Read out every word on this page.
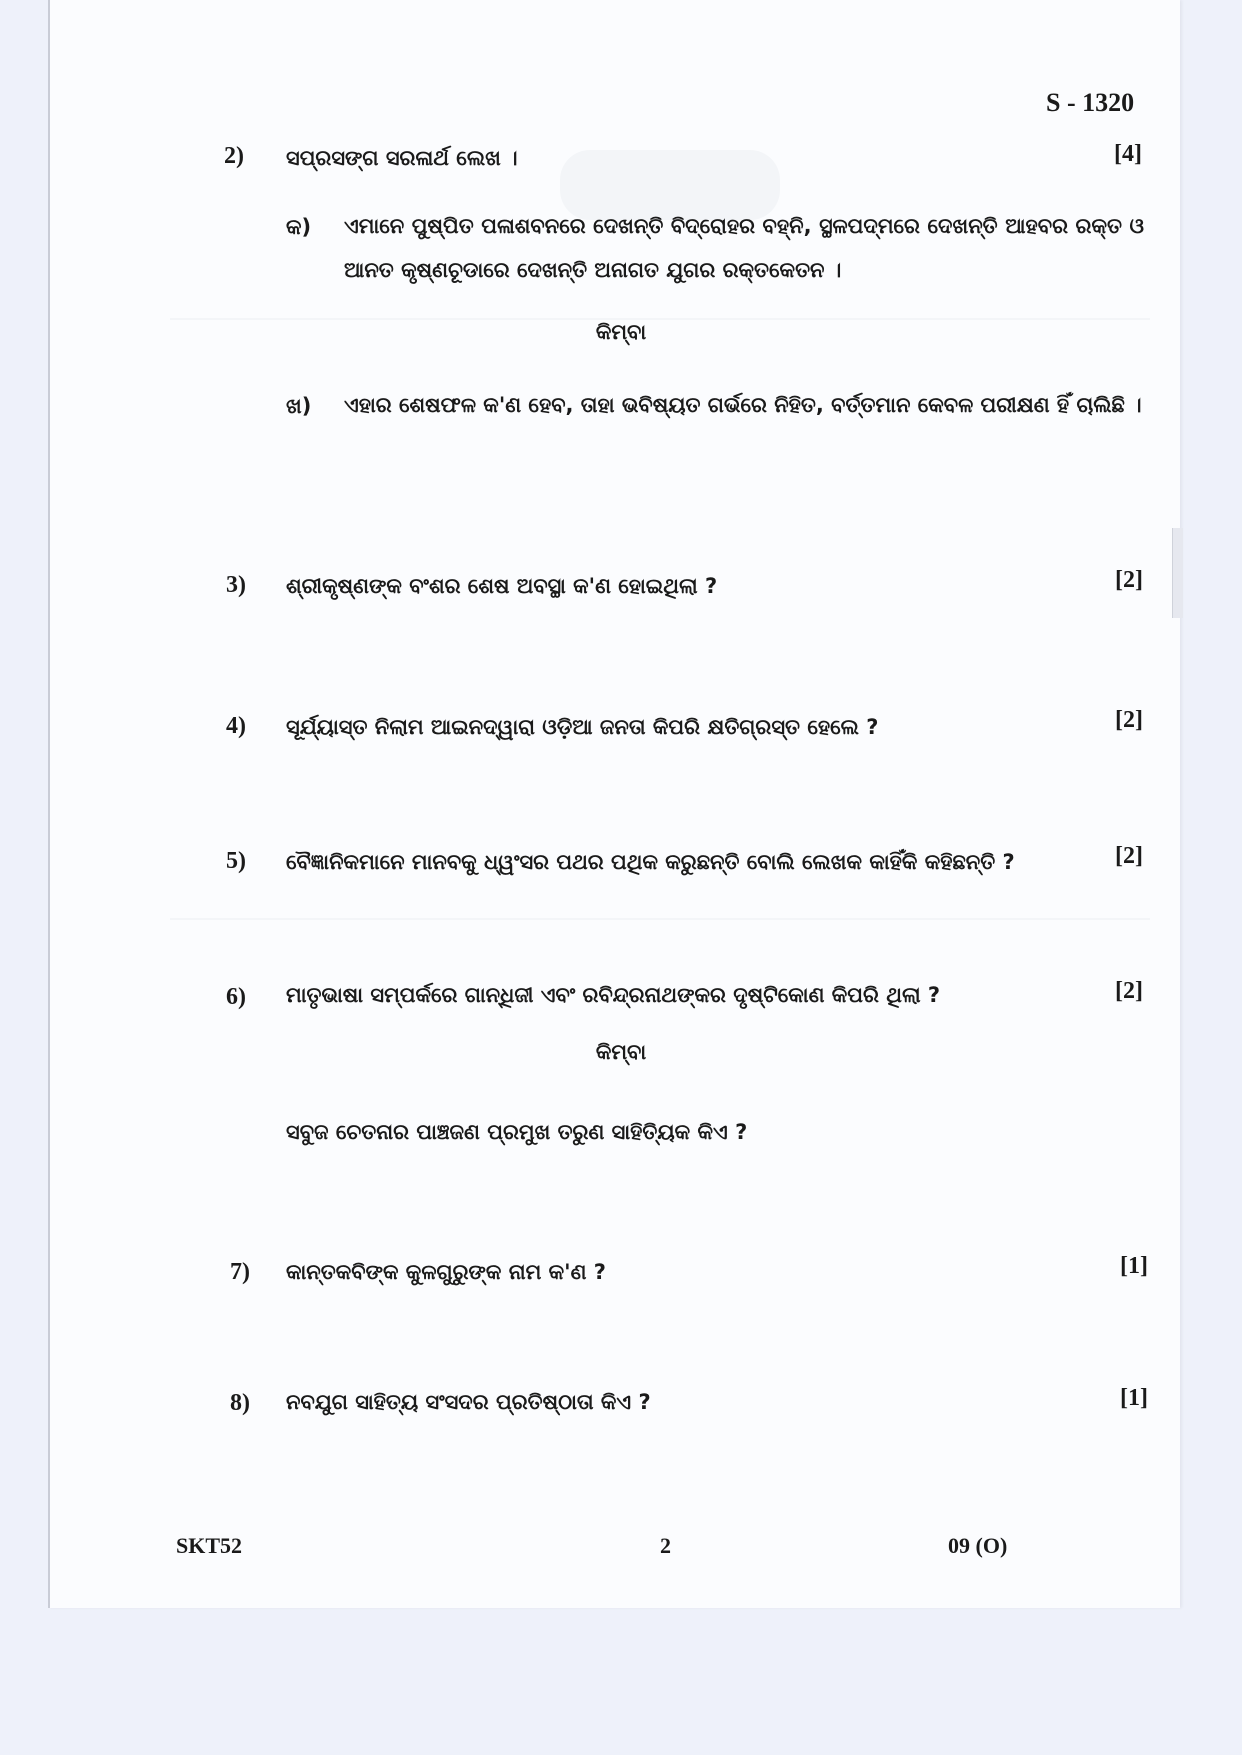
S - 1320
2)	ସପ୍ରସଙ୍ଗ ସରଳାର୍ଥ ଲେଖ ।	[4]
କ) ଏମାନେ ପୁଷ୍ପିତ ପଳାଶବନରେ ଦେଖନ୍ତି ବିଦ୍ରୋହର ବହ୍ନି, ସ୍ଥଳପଦ୍ମରେ ଦେଖନ୍ତି ଆହବର ରକ୍ତ ଓ ଆନତ କୃଷ୍ଣଚୂଡାରେ ଦେଖନ୍ତି ଅନାଗତ ଯୁଗର ରକ୍ତକେତନ ।
କିମ୍ବା
ଖ) ଏହାର ଶେଷଫଳ କ'ଣ ହେବ, ତାହା ଭବିଷ୍ୟତ ଗର୍ଭରେ ନିହିତ, ବର୍ତ୍ତମାନ କେବଳ ପରୀକ୍ଷଣ ହିଁ ଚାଲିଛି ।
3)	ଶ୍ରୀକୃଷ୍ଣଙ୍କ ବଂଶର ଶେଷ ଅବସ୍ଥା କ'ଣ ହୋଇଥିଲା ?	[2]
4)	ସୂର୍ଯ୍ୟାସ୍ତ ନିଲାମ ଆଇନଦ୍ୱାରା ଓଡ଼ିଆ ଜନତା କିପରି କ୍ଷତିଗ୍ରସ୍ତ ହେଲେ ?	[2]
5)	ବୈଜ୍ଞାନିକମାନେ ମାନବକୁ ଧ୍ୱଂସର ପଥର ପଥିକ କରୁଛନ୍ତି ବୋଲି ଲେଖକ କାହିଁକି କହିଛନ୍ତି ?	[2]
6)	ମାତୃଭାଷା ସମ୍ପର୍କରେ ଗାନ୍ଧିଜୀ ଏବଂ ରବିନ୍ଦ୍ରନାଥଙ୍କର ଦୃଷ୍ଟିକୋଣ କିପରି ଥିଲା ?	[2]
କିମ୍ବା
ସବୁଜ ଚେତନାର ପାଞ୍ଚଜଣ ପ୍ରମୁଖ ତରୁଣ ସାହିତ୍ୟିକ କିଏ ?
7)	କାନ୍ତକବିଙ୍କ କୁଳଗୁରୁଙ୍କ ନାମ କ'ଣ ?	[1]
8)	ନବଯୁଗ ସାହିତ୍ୟ ସଂସଦର ପ୍ରତିଷ୍ଠାତା କିଏ ?	[1]
SKT52	2	09 (O)
